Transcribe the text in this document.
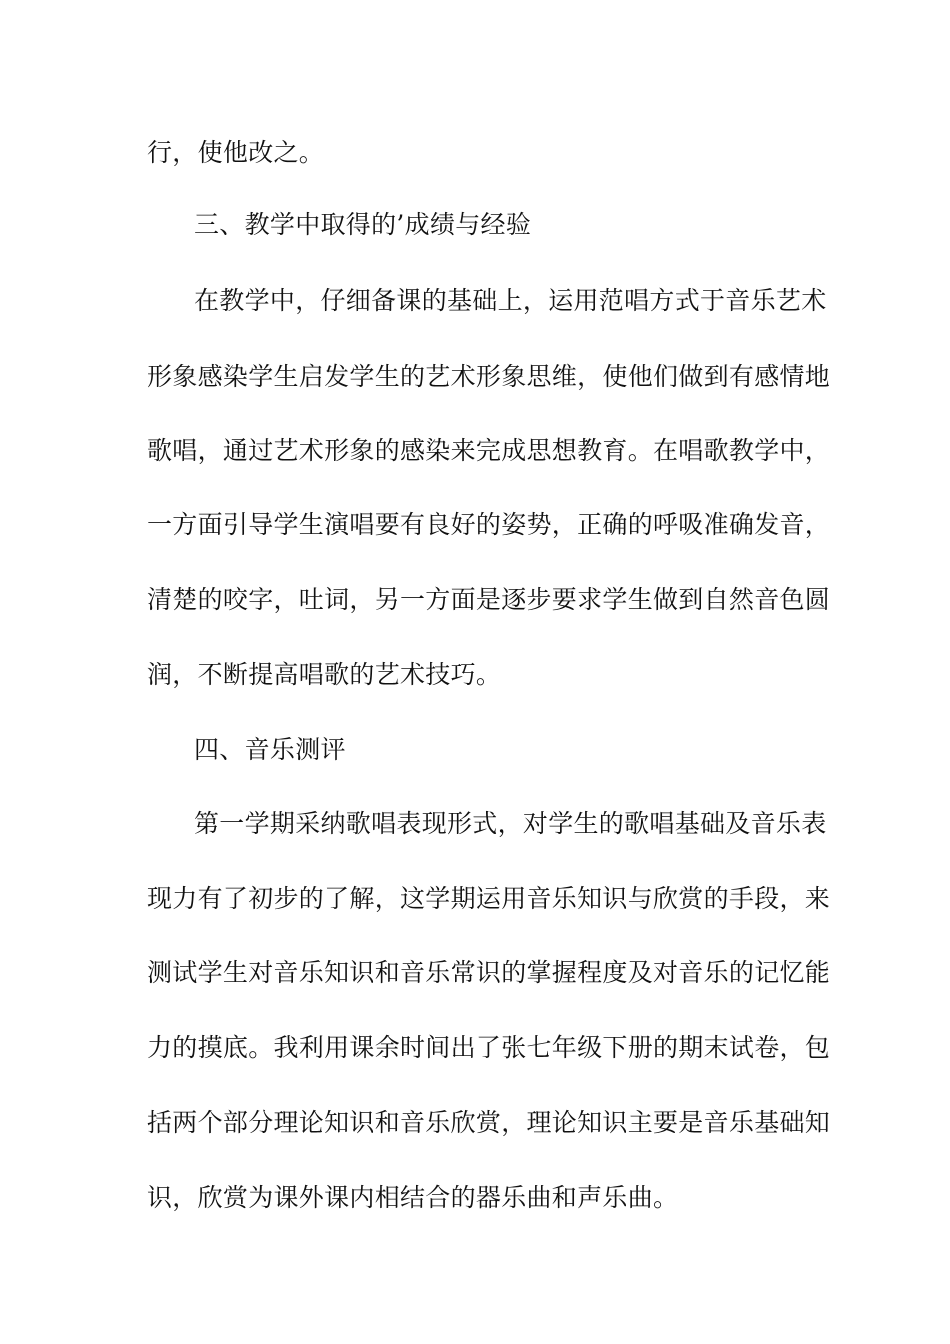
行，使他改之。

三、教学中取得的’成绩与经验

在教学中，仔细备课的基础上，运用范唱方式于音乐艺术

形象感染学生启发学生的艺术形象思维，使他们做到有感情地

歌唱，通过艺术形象的感染来完成思想教育。在唱歌教学中，

一方面引导学生演唱要有良好的姿势，正确的呼吸准确发音，

清楚的咬字，吐词，另一方面是逐步要求学生做到自然音色圆

润，不断提高唱歌的艺术技巧。

四、音乐测评

第一学期采纳歌唱表现形式，对学生的歌唱基础及音乐表

现力有了初步的了解，这学期运用音乐知识与欣赏的手段，来

测试学生对音乐知识和音乐常识的掌握程度及对音乐的记忆能

力的摸底。我利用课余时间出了张七年级下册的期末试卷，包

括两个部分理论知识和音乐欣赏，理论知识主要是音乐基础知

识，欣赏为课外课内相结合的器乐曲和声乐曲。
